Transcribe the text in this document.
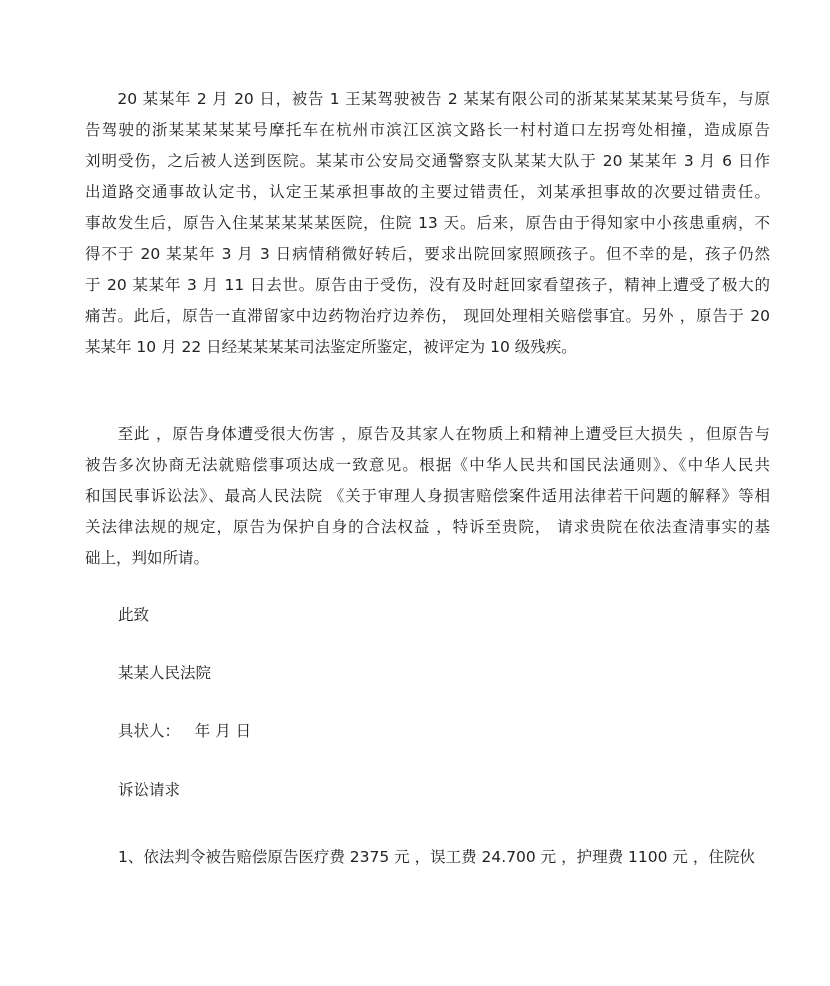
　　20 某某年 2 月 20 日，被告 1 王某驾驶被告 2 某某有限公司的浙某某某某某号货车，与原
告驾驶的浙某某某某某号摩托车在杭州市滨江区滨文路长一村村道口左拐弯处相撞，造成原告
刘明受伤，之后被人送到医院。某某市公安局交通警察支队某某大队于 20 某某年 3 月 6 日作
出道路交通事故认定书，认定王某承担事故的主要过错责任，刘某承担事故的次要过错责任。
事故发生后，原告入住某某某某某医院，住院 13 天。后来，原告由于得知家中小孩患重病，不
得不于 20 某某年 3 月 3 日病情稍微好转后，要求出院回家照顾孩子。但不幸的是，孩子仍然
于 20 某某年 3 月 11 日去世。原告由于受伤，没有及时赶回家看望孩子，精神上遭受了极大的
痛苦。此后，原告一直滞留家中边药物治疗边养伤， 现回处理相关赔偿事宜。另外 ，原告于 20
某某年 10 月 22 日经某某某某司法鉴定所鉴定，被评定为 10 级残疾。
　　至此 ，原告身体遭受很大伤害 ，原告及其家人在物质上和精神上遭受巨大损失 ，但原告与
被告多次协商无法就赔偿事项达成一致意见。根据《中华人民共和国民法通则》、《中华人民共
和国民事诉讼法》、最高人民法院 《关于审理人身损害赔偿案件适用法律若干问题的解释》等相
关法律法规的规定，原告为保护自身的合法权益 ，特诉至贵院， 请求贵院在依法查清事实的基
础上，判如所请。
此致
某某人民法院
具状人：   年 月 日
诉讼请求
1、依法判令被告赔偿原告医疗费 2375 元 ，误工费 24.700 元 ，护理费 1100 元 ，住院伙
